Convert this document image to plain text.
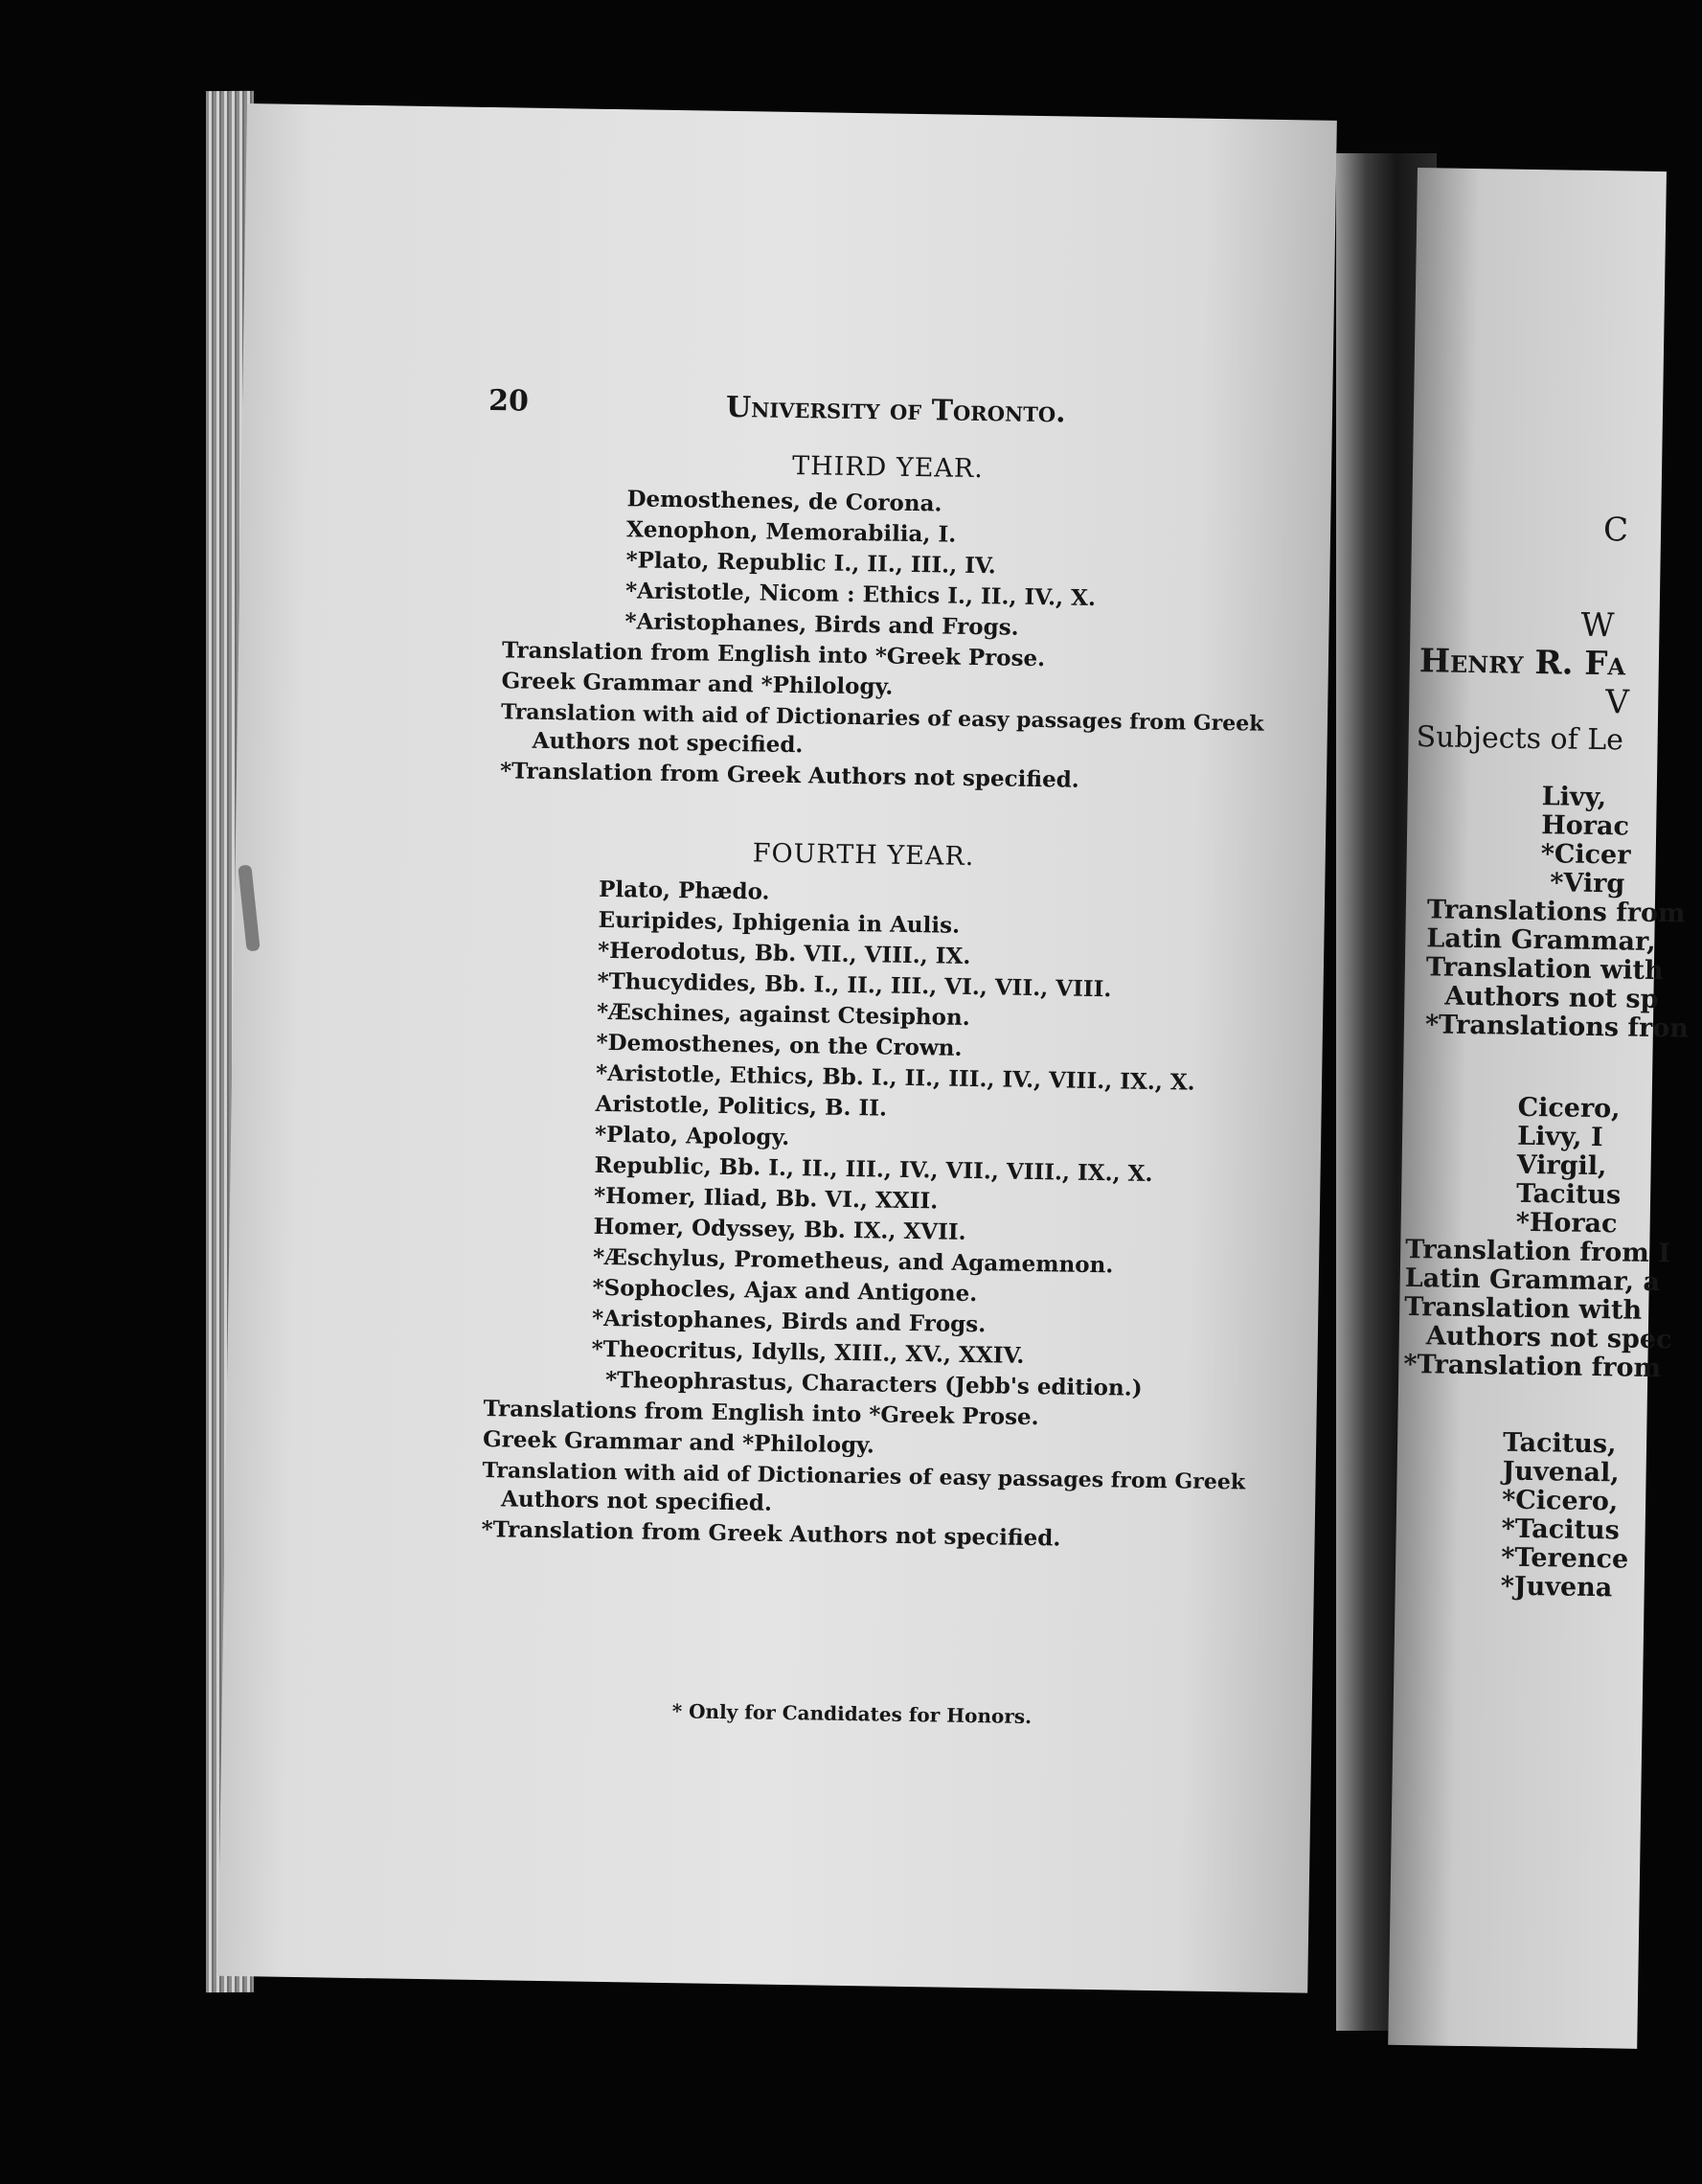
20	University of Toronto.
THIRD YEAR.
Demosthenes, de Corona.
Xenophon, Memorabilia, I.
*Plato, Republic I., II., III., IV.
*Aristotle, Nicom : Ethics I., II., IV., X.
*Aristophanes, Birds and Frogs.
Translation from English into *Greek Prose.
Greek Grammar and *Philology.
Translation with aid of Dictionaries of easy passages from Greek
Authors not specified.
*Translation from Greek Authors not specified.
FOURTH YEAR.
Plato, Phædo.
Euripides, Iphigenia in Aulis.
*Herodotus, Bb. VII., VIII., IX.
*Thucydides, Bb. I., II., III., VI., VII., VIII.
*Æschines, against Ctesiphon.
*Demosthenes, on the Crown.
*Aristotle, Ethics, Bb. I., II., III., IV., VIII., IX., X.
Aristotle, Politics, B. II.
*Plato, Apology.
Republic, Bb. I., II., III., IV., VII., VIII., IX., X.
*Homer, Iliad, Bb. VI., XXII.
Homer, Odyssey, Bb. IX., XVII.
*Æschylus, Prometheus, and Agamemnon.
*Sophocles, Ajax and Antigone.
*Aristophanes, Birds and Frogs.
*Theocritus, Idylls, XIII., XV., XXIV.
*Theophrastus, Characters (Jebb's edition.)
Translations from English into *Greek Prose.
Greek Grammar and *Philology.
Translation with aid of Dictionaries of easy passages from Greek
Authors not specified.
*Translation from Greek Authors not specified.
* Only for Candidates for Honors.
C
W
Henry R. Fa
V
Subjects of Le
Livy,
Horac
*Cicer
*Virg
Translations from
Latin Grammar,
Translation with
Authors not sp
*Translations fron
Cicero,
Livy, I
Virgil,
Tacitus
*Horac
Translation from I
Latin Grammar, a
Translation with
Authors not spec
*Translation from
Tacitus,
Juvenal,
*Cicero,
*Tacitus
*Terence
*Juvena
